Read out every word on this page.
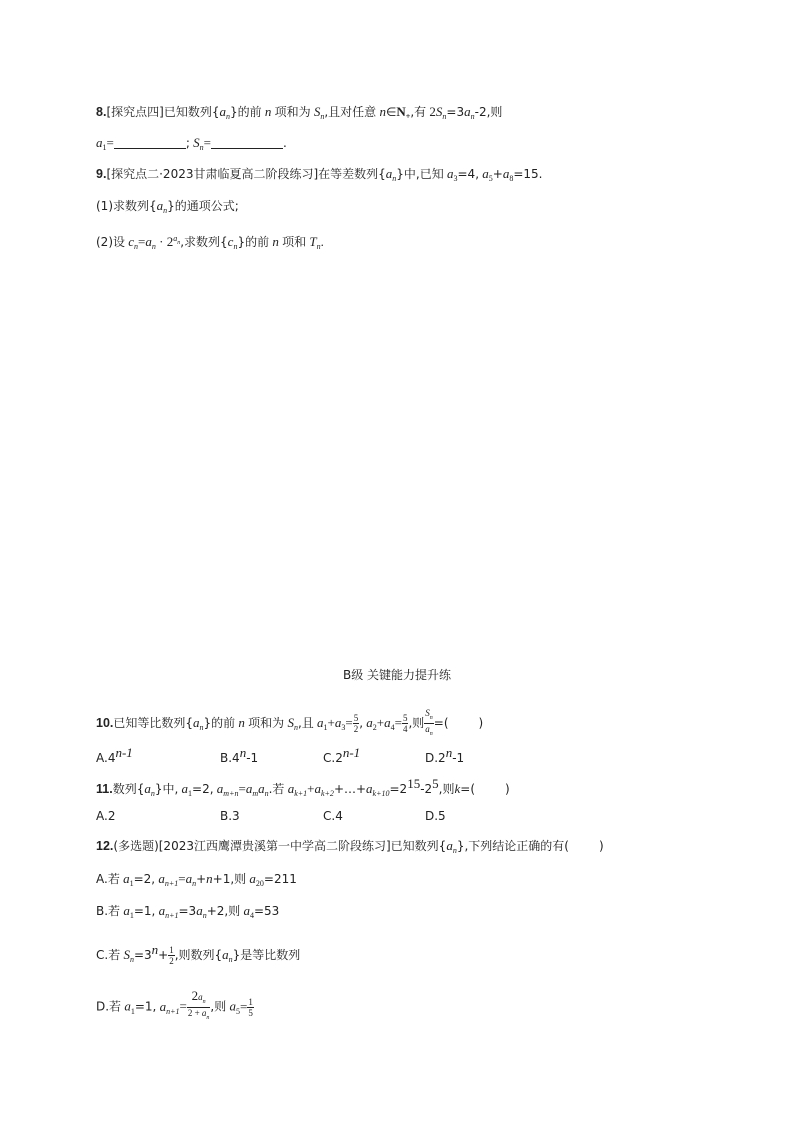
8.[探究点四]已知数列$\{a_n\}$的前 n 项和为 $S_n$,且对任意 $n\in N_+$,有 $2S_n=3a_n-2$,则
$a_1=$	; $S_n=$	.
9.[探究点二·2023甘肃临夏高二阶段练习]在等差数列$\{a_n\}$中,已知 $a_3=4$, $a_5+a_8=15$.
(1)求数列$\{a_n\}$的通项公式;
(2)设 $c_n=a_n \cdot 2^{a_n}$,求数列$\{c_n\}$的前 n 项和 $T_n$.
B级 关键能力提升练
10.已知等比数列$\{a_n\}$的前 n 项和为 $S_n$,且 $a_1+a_3= \frac{5}{2}$ , $a_2+a_4= \frac{5}{4}$ ,则 $\frac{S_n}{a_n}$ =(	)
A.4$^{n-1}$	B.4$^n$-1	C.2$^{n-1}$	D.2$^n$-1
11.数列$\{a_n\}$中, $a_1=2$, $a_{m+n}=a_ma_n$.若 $a_{k+1}+a_{k+2}+\dots+a_{k+10}=2^{15}-2^5$,则k=(	)
A.2	B.3	C.4	D.5
12.(多选题)[2023江西鹰潭贵溪第一中学高二阶段练习]已知数列$\{a_n\}$,下列结论正确的有(	)
A.若 $a_1=2$, $a_{n+1}=a_n+n+1$,则 $a_{20}=211$
B.若 $a_1=1$, $a_{n+1}=3a_n+2$,则 $a_4=53$
C.若 $S_n=3^n+ \frac{1}{2}$ ,则数列$\{a_n\}$是等比数列
D.若 $a_1=1$, $a_{n+1}= \frac{2a_n}{2 + a_n}$ ,则 $a_5= \frac{1}{5}$
